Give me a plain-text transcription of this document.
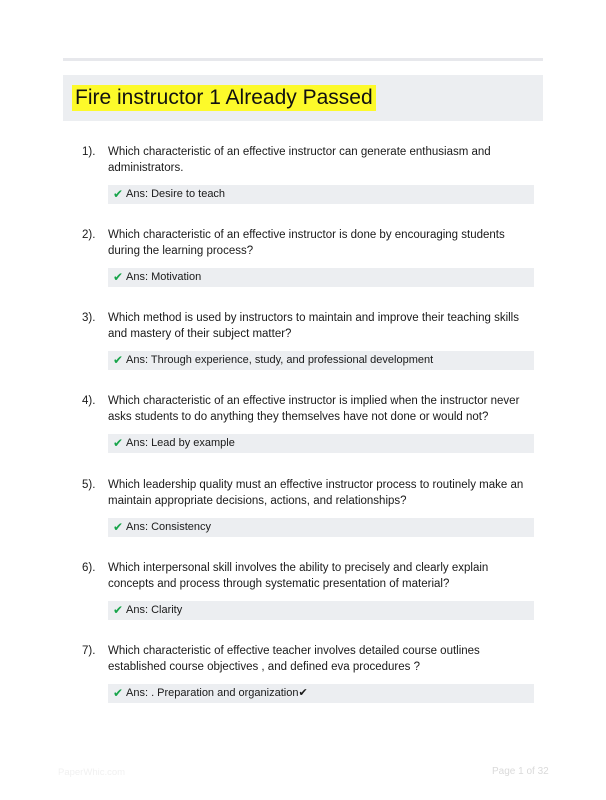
Fire instructor 1 Already Passed
1). Which characteristic of an effective instructor can generate enthusiasm and administrators.
✔ Ans: Desire to teach
2). Which characteristic of an effective instructor is done by encouraging students during the learning process?
✔ Ans: Motivation
3). Which method is used by instructors to maintain and improve their teaching skills and mastery of their subject matter?
✔ Ans: Through experience, study, and professional development
4). Which characteristic of an effective instructor is implied when the instructor never asks students to do anything they themselves have not done or would not?
✔ Ans: Lead by example
5). Which leadership quality must an effective instructor process to routinely make an maintain appropriate decisions, actions, and relationships?
✔ Ans: Consistency
6). Which interpersonal skill involves the ability to precisely and clearly explain concepts and process through systematic presentation of material?
✔ Ans: Clarity
7). Which characteristic of effective teacher involves detailed course outlines established course objectives , and defined eva procedures ?
✔ Ans: . Preparation and organization✔
PaperWhic.com	Page 1 of 32
